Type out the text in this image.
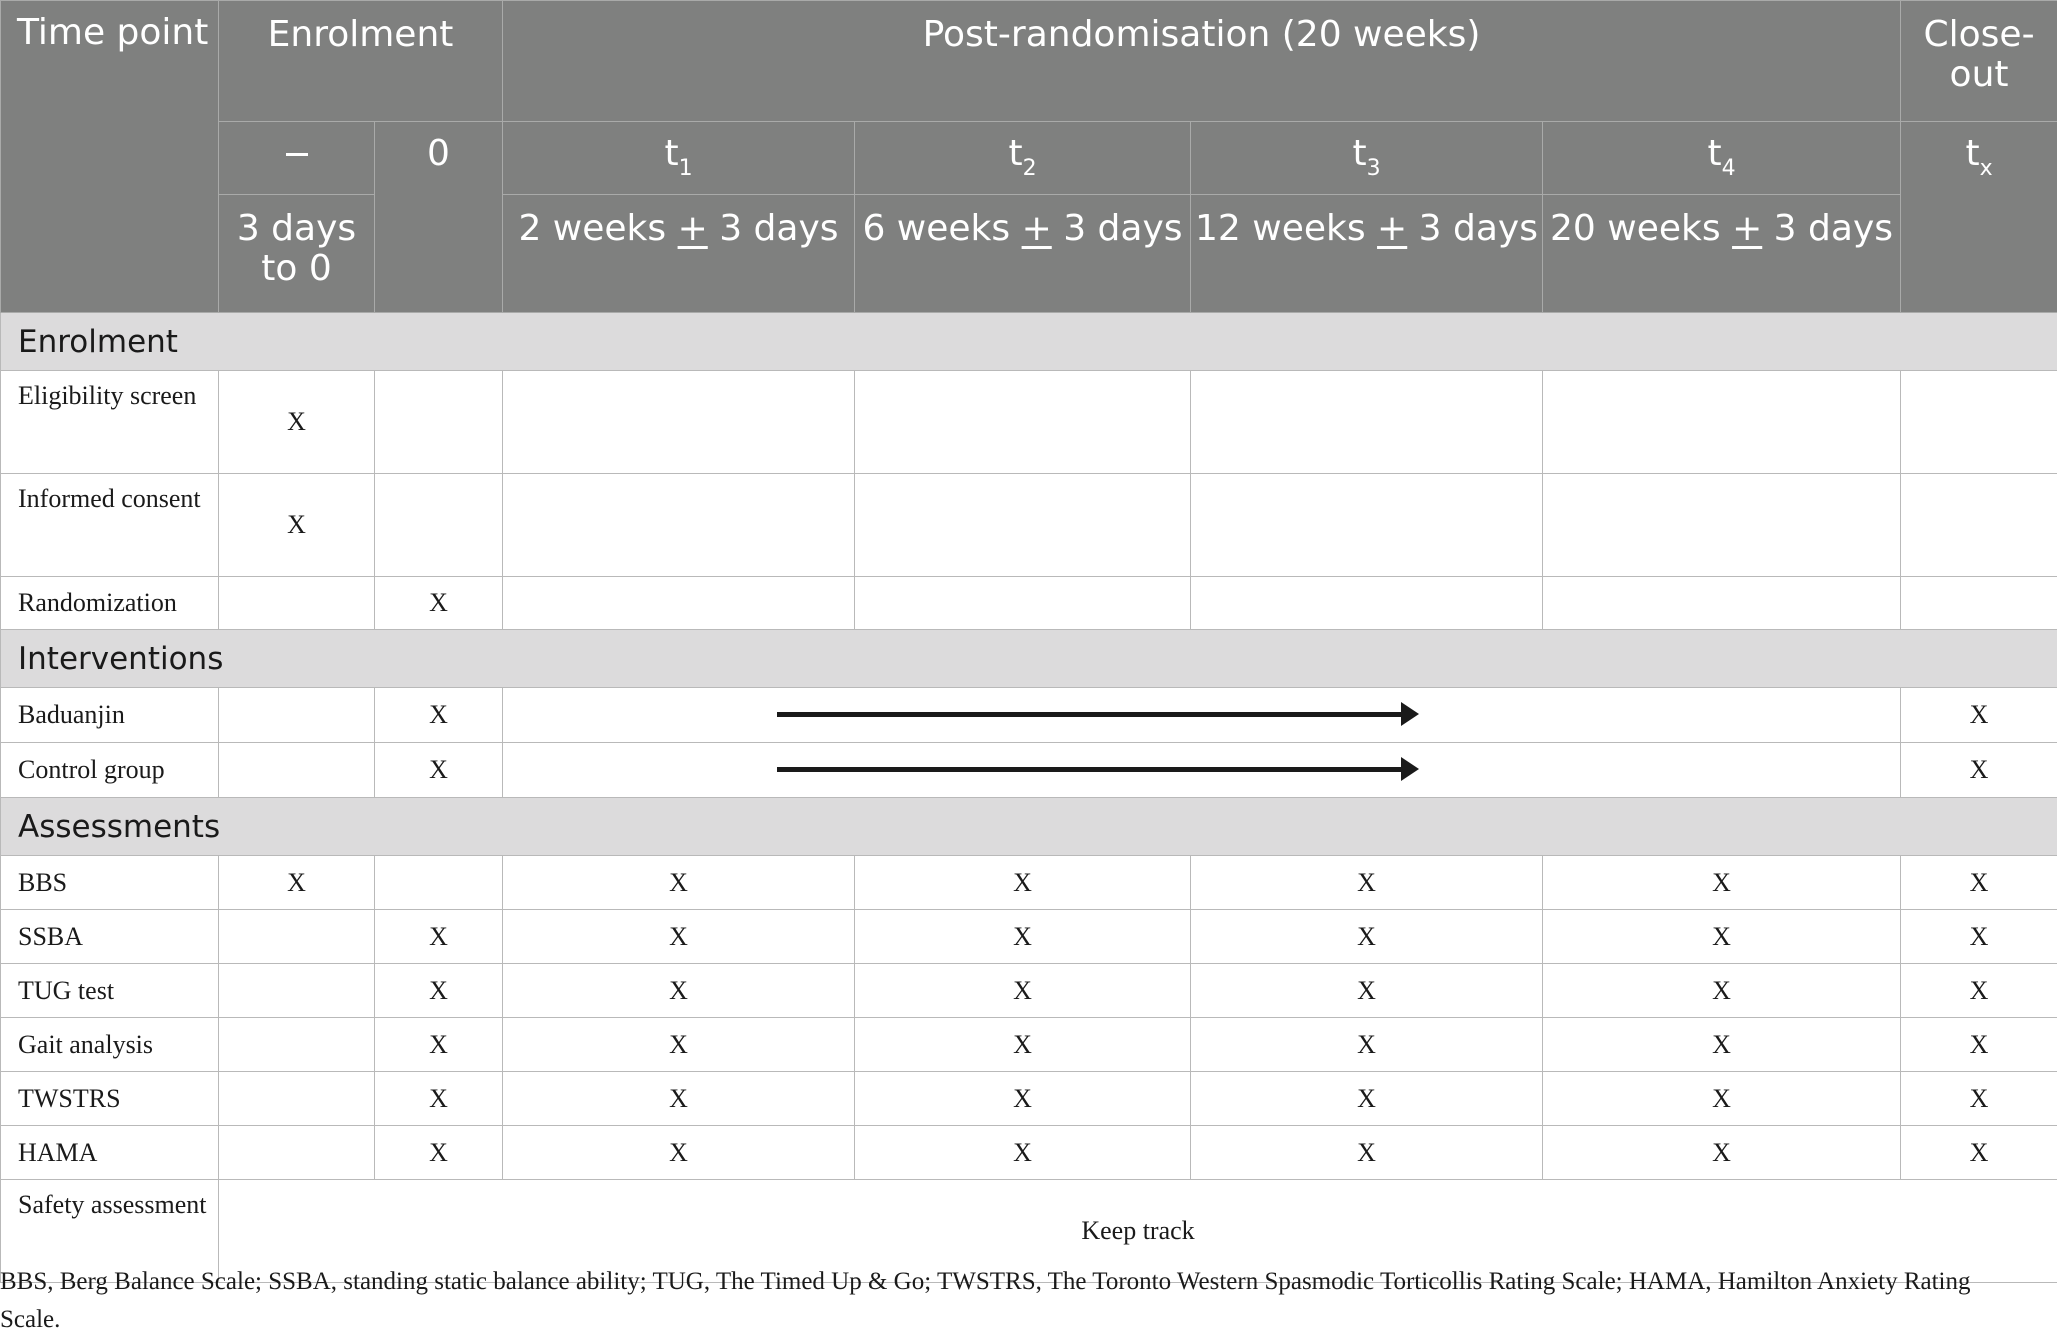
Time point	Enrolment		Post-randomisation (20 weeks)				Close-out
		0	$t_1$	$t_2$	$t_3$	$t_4$	$t_x$
	3 days to 0		2 weeks + 3 days	6 weeks + 3 days	12 weeks + 3 days	20 weeks + 3 days	
Enrolment							
Eligibility screen	X						
Informed consent	X						
Randomization		X					
Interventions							
Baduanjin		X					X
Control group		X					X
Assessments							
BBS	X		X	X	X	X	X
SSBA		X	X	X	X	X	X
TUG test		X	X	X	X	X	X
Gait analysis		X	X	X	X	X	X
TWSTRS		X	X	X	X	X	X
HAMA		X	X	X	X	X	X
Safety assessment	Keep track						
BBS, Berg Balance Scale; SSBA, standing static balance ability; TUG, The Timed Up & Go; TWSTRS, The Toronto Western Spasmodic Torticollis Rating Scale; HAMA, Hamilton Anxiety Rating Scale.
